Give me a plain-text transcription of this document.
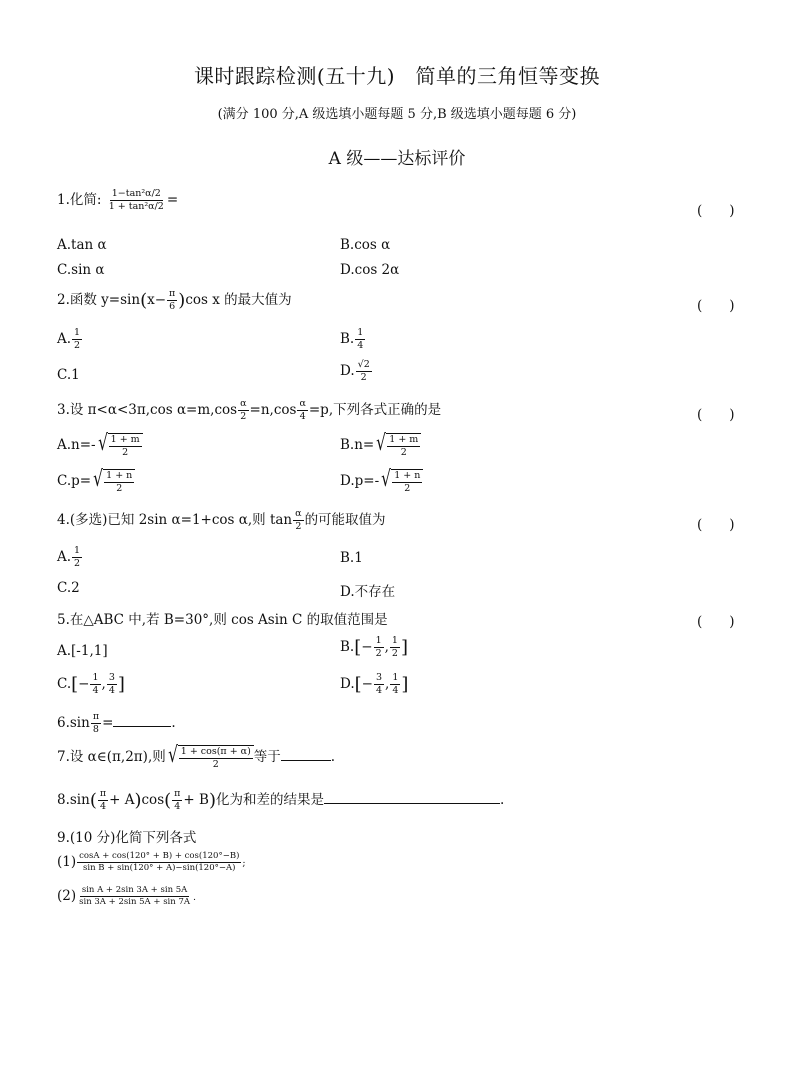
课时跟踪检测(五十九)　简单的三角恒等变换
(满分 100 分,A 级选填小题每题 5 分,B 级选填小题每题 6 分)
A 级——达标评价
1.化简: $\frac{\text{1−tan²α/2}}{\text{1 + tan²α/2}}$ =
(　　)
A.tan α	B.cos α
C.sin α	D.cos 2α
2.函数 $y=\sin(x- \frac{\pi}{6} )\cos$ x 的最大值为	(　　)
A. $\frac{1}{2}$	B. $\frac{1}{4}$
C.1	D. $\frac{√2}{2}$
3.设 π<α<3π,cos $\alpha=m,\cos \frac{\alpha}{2} =n,\cos \frac{\alpha}{4} =p$,下列各式正确的是	(　　)
A.n=- √ $\frac{1 + m}{2}$	B.n= √ $\frac{1 + m}{2}$
C.p= √ $\frac{1 + n}{2}$	D.p=- √ $\frac{1 + n}{2}$
4.(多选)已知 2sin α=1+cos α,则 $\tan \frac{\alpha}{2}$ 的可能取值为	(　　)
A. $\frac{1}{2}$	B.1
C.2	D.不存在
5.在△ABC 中,若 B=30°,则 cos Asin C 的取值范围是	(　　)
A.[-1,1]	$B.[- \frac{1}{2}$ , $\frac{1}{2}$ ]
$C.[- \frac{1}{4}$ , $\frac{3}{4}$ ]	$D.[- \frac{3}{4}$ , $\frac{1}{4}$ ]
$6.\sin \frac{\pi}{8}$ =	.
7.设 α∈(π,2π),则 √ $\frac{1 + \cos(\pi + \alpha)}{2}$ 等于	.
$8.\sin( \frac{\pi}{4} + A)\cos( \frac{\pi}{4} + B)$化为和差的结果是	.
9.(10 分)化简下列各式
$(1) \frac{\cos A + \cos(120^\circ + B) + \cos(120^\circ-B)}{\text{sin B + sin(120° + A)−sin(120°−A)}}$ ;
$(2) \frac{\text{sin A + 2sin 3A + sin 5A}}{\sin 3A + 2\sin 5A + \sin 7A}$ .
